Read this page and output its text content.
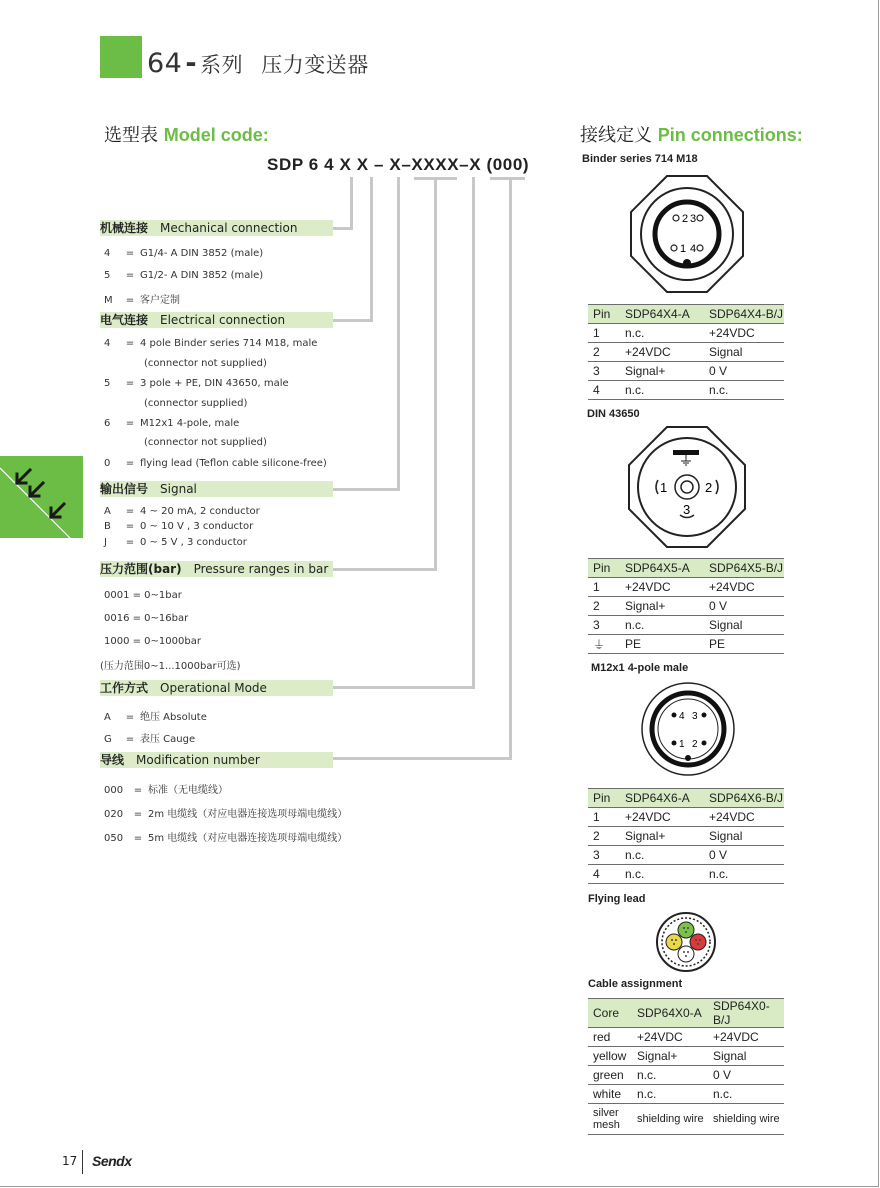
64 - 系列 压力变送器
选型表 Model code:
SDP 6 4 X X – X–XXXX–X (000)
机械连接 Mechanical connection
4 = G1/4- A DIN 3852 (male)
5 = G1/2- A DIN 3852 (male)
M = 客户定制
电气连接 Electrical connection
4 = 4 pole Binder series 714 M18, male
(connector not supplied)
5 = 3 pole + PE, DIN 43650, male
(connector supplied)
6 = M12x1 4-pole, male
(connector not supplied)
0 = flying lead (Teflon cable silicone-free)
输出信号 Signal
A = 4 ~ 20 mA, 2 conductor
B = 0 ~ 10 V , 3 conductor
J = 0 ~ 5 V , 3 conductor
压力范围(bar) Pressure ranges in bar
0001 = 0~1bar
0016 = 0~16bar
1000 = 0~1000bar
(压力范围0~1...1000bar可选)
工作方式 Operational Mode
A = 绝压 Absolute
G = 表压 Cauge
导线 Modification number
000 = 标准（无电缆线）
020 = 2m 电缆线（对应电器连接选项母端电缆线）
050 = 5m 电缆线（对应电器连接选项母端电缆线）
接线定义 Pin connections:
Binder series 714 M18
2 3
1 4
Pin	SDP64X4-A	SDP64X4-B/J
1	n.c.	+24VDC
2	+24VDC	Signal
3	Signal+	0 V
4	n.c.	n.c.
DIN 43650
1	2
3
Pin	SDP64X5-A	SDP64X5-B/J
1	+24VDC	+24VDC
2	Signal+	0 V
3	n.c.	Signal
⏚	PE	PE
M12x1 4-pole male
4 3
1 2
Pin	SDP64X6-A	SDP64X6-B/J
1	+24VDC	+24VDC
2	Signal+	Signal
3	n.c.	0 V
4	n.c.	n.c.
Flying lead
Cable assignment
Core	SDP64X0-A	SDP64X0-B/J
red	+24VDC	+24VDC
yellow	Signal+	Signal
green	n.c.	0 V
white	n.c.	n.c.
silver mesh	shielding wire	shielding wire
17 Sendx
